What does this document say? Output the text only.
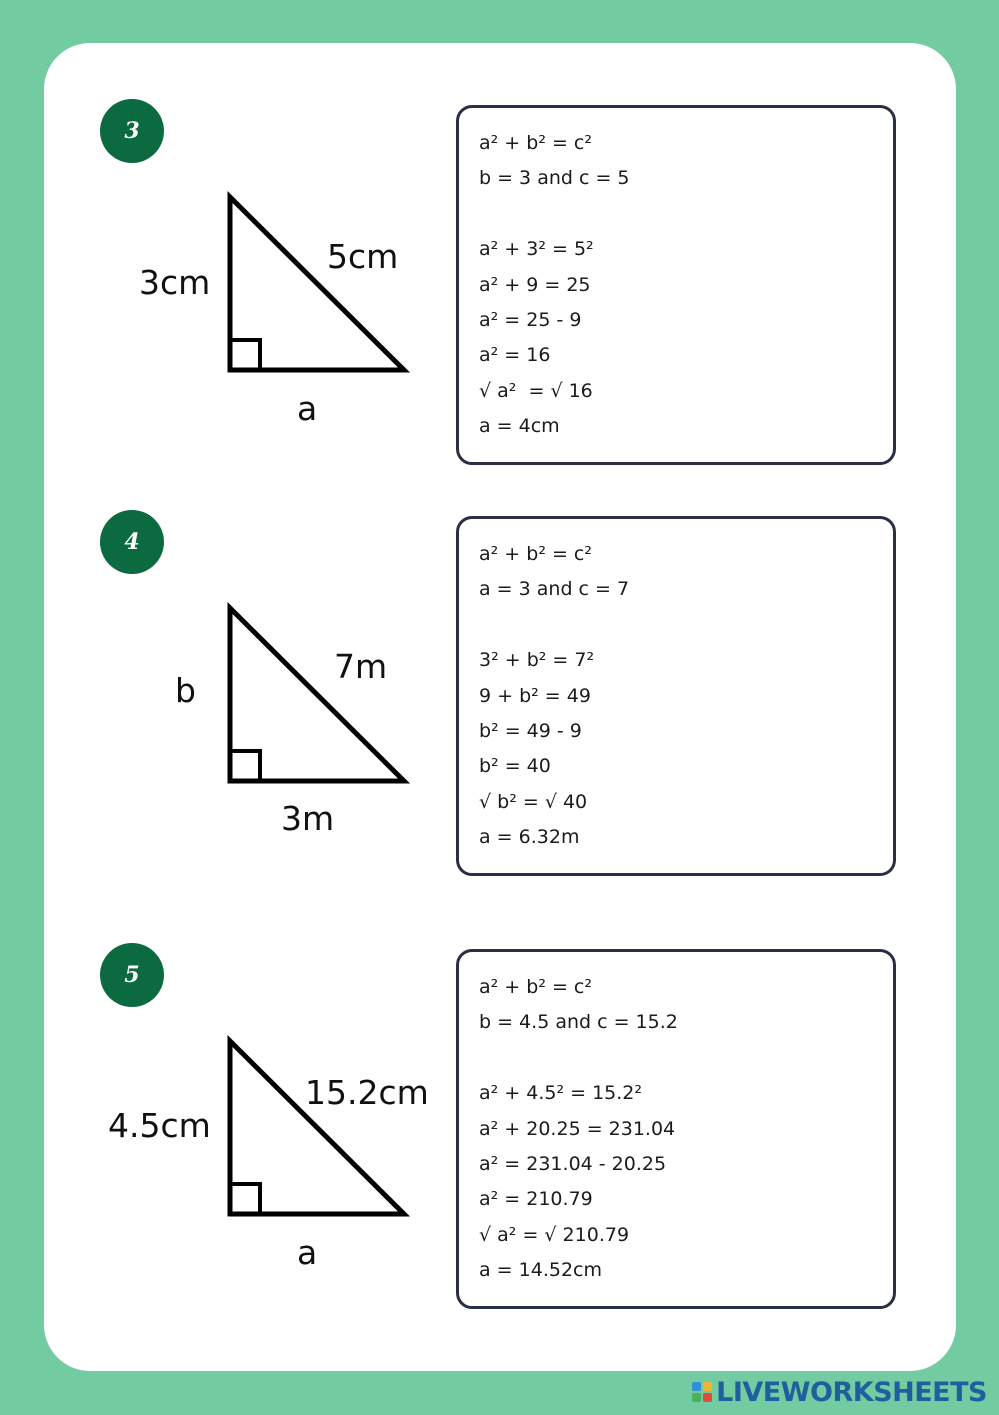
3
3cm
5cm
a
a² + b² = c²
b = 3 and c = 5
a² + 3² = 5²
a² + 9 = 25
a² = 25 - 9
a² = 16
√ a²  = √ 16
a = 4cm
4
b
7m
3m
a² + b² = c²
a = 3 and c = 7
3² + b² = 7²
9 + b² = 49
b² = 49 - 9
b² = 40
√ b² = √ 40
a = 6.32m
5
4.5cm
15.2cm
a
a² + b² = c²
b = 4.5 and c = 15.2
a² + 4.5² = 15.2²
a² + 20.25 = 231.04
a² = 231.04 - 20.25
a² = 210.79
√ a² = √ 210.79
a = 14.52cm
LIVEWORKSHEETS
